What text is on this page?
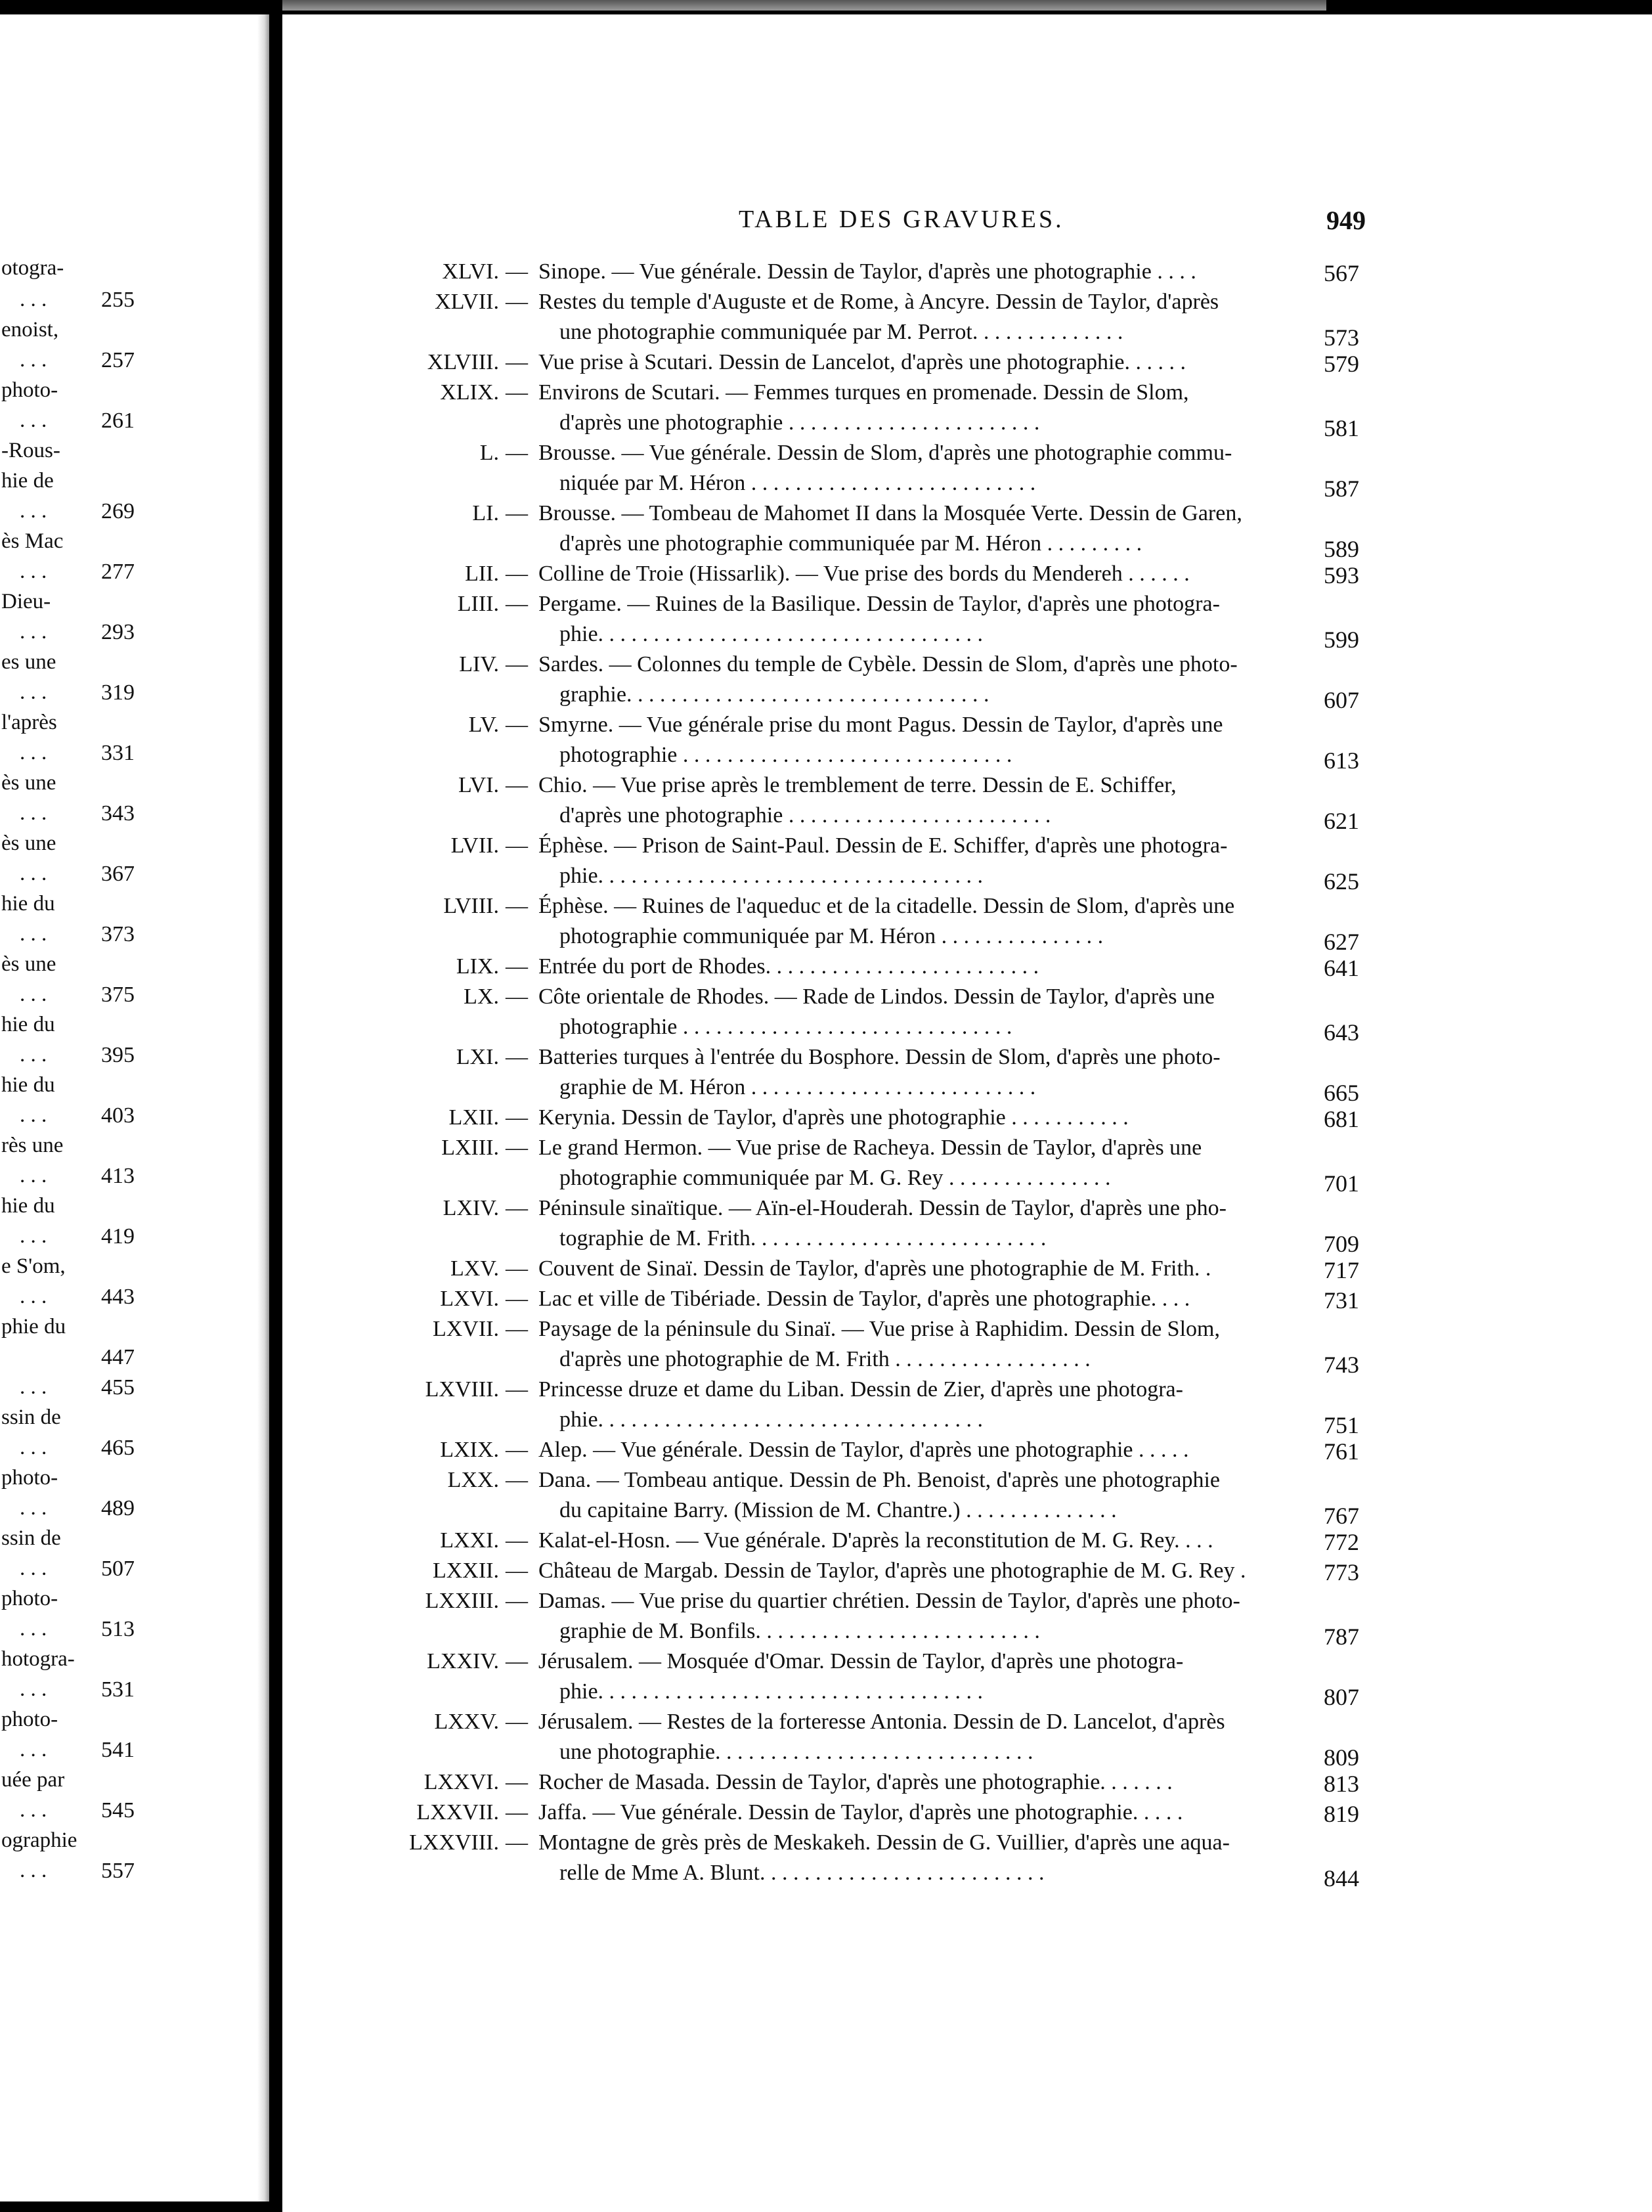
otogra-
. . .	255
enoist,
. . .	257
photo-
. . .	261
-Rous-
hie de
. . .	269
ès Mac
. . .	277
Dieu-
. . .	293
es une
. . .	319
l'après
. . .	331
ès une
. . .	343
ès une
. . .	367
hie du
. . .	373
ès une
. . .	375
hie du
. . .	395
hie du
. . .	403
rès une
. . .	413
hie du
. . .	419
e S'om,
. . .	443
phie du
447
. . .	455
ssin de
. . .	465
photo-
. . .	489
ssin de
. . .	507
photo-
. . .	513
hotogra-
. . .	531
photo-
. . .	541
uée par
. . .	545
ographie
. . .	557
TABLE DES GRAVURES.	949
XLVI. — Sinope. — Vue générale. Dessin de Taylor, d'après une photographie . . . .	567
XLVII. — Restes du temple d'Auguste et de Rome, à Ancyre. Dessin de Taylor, d'après
une photographie communiquée par M. Perrot. . . . . . . . . . . . . .	573
XLVIII. — Vue prise à Scutari. Dessin de Lancelot, d'après une photographie. . . . . .	579
XLIX. — Environs de Scutari. — Femmes turques en promenade. Dessin de Slom,
d'après une photographie . . . . . . . . . . . . . . . . . . . . . . .	581
L. — Brousse. — Vue générale. Dessin de Slom, d'après une photographie commu-
niquée par M. Héron . . . . . . . . . . . . . . . . . . . . . . . . . .	587
LI. — Brousse. — Tombeau de Mahomet II dans la Mosquée Verte. Dessin de Garen,
d'après une photographie communiquée par M. Héron . . . . . . . . .	589
LII. — Colline de Troie (Hissarlik). — Vue prise des bords du Mendereh . . . . . .	593
LIII. — Pergame. — Ruines de la Basilique. Dessin de Taylor, d'après une photogra-
phie. . . . . . . . . . . . . . . . . . . . . . . . . . . . . . . . . . .	599
LIV. — Sardes. — Colonnes du temple de Cybèle. Dessin de Slom, d'après une photo-
graphie. . . . . . . . . . . . . . . . . . . . . . . . . . . . . . . . .	607
LV. — Smyrne. — Vue générale prise du mont Pagus. Dessin de Taylor, d'après une
photographie . . . . . . . . . . . . . . . . . . . . . . . . . . . . . .	613
LVI. — Chio. — Vue prise après le tremblement de terre. Dessin de E. Schiffer,
d'après une photographie . . . . . . . . . . . . . . . . . . . . . . . .	621
LVII. — Éphèse. — Prison de Saint-Paul. Dessin de E. Schiffer, d'après une photogra-
phie. . . . . . . . . . . . . . . . . . . . . . . . . . . . . . . . . . .	625
LVIII. — Éphèse. — Ruines de l'aqueduc et de la citadelle. Dessin de Slom, d'après une
photographie communiquée par M. Héron . . . . . . . . . . . . . . .	627
LIX. — Entrée du port de Rhodes. . . . . . . . . . . . . . . . . . . . . . . . .	641
LX. — Côte orientale de Rhodes. — Rade de Lindos. Dessin de Taylor, d'après une
photographie . . . . . . . . . . . . . . . . . . . . . . . . . . . . . .	643
LXI. — Batteries turques à l'entrée du Bosphore. Dessin de Slom, d'après une photo-
graphie de M. Héron . . . . . . . . . . . . . . . . . . . . . . . . . .	665
LXII. — Kerynia. Dessin de Taylor, d'après une photographie . . . . . . . . . . .	681
LXIII. — Le grand Hermon. — Vue prise de Racheya. Dessin de Taylor, d'après une
photographie communiquée par M. G. Rey . . . . . . . . . . . . . . .	701
LXIV. — Péninsule sinaïtique. — Aïn-el-Houderah. Dessin de Taylor, d'après une pho-
tographie de M. Frith. . . . . . . . . . . . . . . . . . . . . . . . . . .	709
LXV. — Couvent de Sinaï. Dessin de Taylor, d'après une photographie de M. Frith. .	717
LXVI. — Lac et ville de Tibériade. Dessin de Taylor, d'après une photographie. . . .	731
LXVII. — Paysage de la péninsule du Sinaï. — Vue prise à Raphidim. Dessin de Slom,
d'après une photographie de M. Frith . . . . . . . . . . . . . . . . . .	743
LXVIII. — Princesse druze et dame du Liban. Dessin de Zier, d'après une photogra-
phie. . . . . . . . . . . . . . . . . . . . . . . . . . . . . . . . . . .	751
LXIX. — Alep. — Vue générale. Dessin de Taylor, d'après une photographie . . . . .	761
LXX. — Dana. — Tombeau antique. Dessin de Ph. Benoist, d'après une photographie
du capitaine Barry. (Mission de M. Chantre.) . . . . . . . . . . . . . .	767
LXXI. — Kalat-el-Hosn. — Vue générale. D'après la reconstitution de M. G. Rey. . . .	772
LXXII. — Château de Margab. Dessin de Taylor, d'après une photographie de M. G. Rey .	773
LXXIII. — Damas. — Vue prise du quartier chrétien. Dessin de Taylor, d'après une photo-
graphie de M. Bonfils. . . . . . . . . . . . . . . . . . . . . . . . . .	787
LXXIV. — Jérusalem. — Mosquée d'Omar. Dessin de Taylor, d'après une photogra-
phie. . . . . . . . . . . . . . . . . . . . . . . . . . . . . . . . . . .	807
LXXV. — Jérusalem. — Restes de la forteresse Antonia. Dessin de D. Lancelot, d'après
une photographie. . . . . . . . . . . . . . . . . . . . . . . . . . . . .	809
LXXVI. — Rocher de Masada. Dessin de Taylor, d'après une photographie. . . . . . .	813
LXXVII. — Jaffa. — Vue générale. Dessin de Taylor, d'après une photographie. . . . .	819
LXXVIII. — Montagne de grès près de Meskakeh. Dessin de G. Vuillier, d'après une aqua-
relle de Mme A. Blunt. . . . . . . . . . . . . . . . . . . . . . . . . .	844
